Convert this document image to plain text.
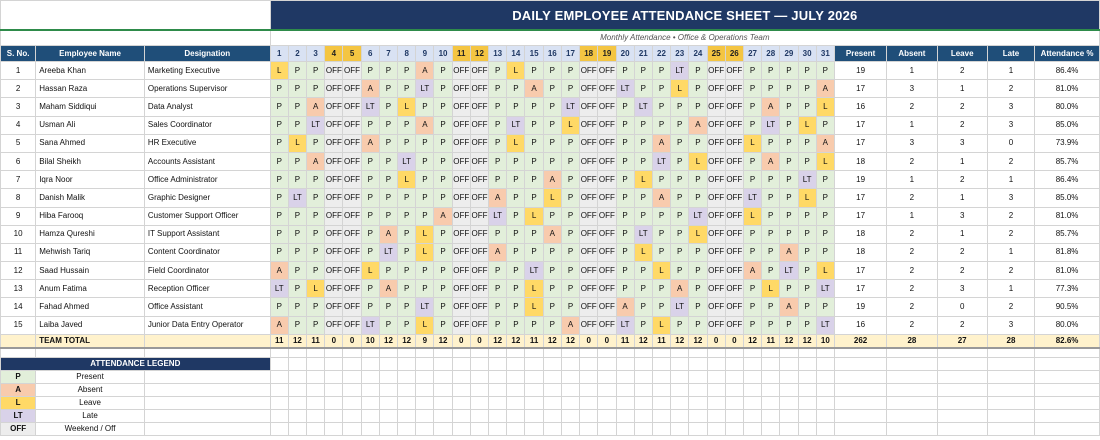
			DAILY EMPLOYEE ATTENDANCE SHEET — JULY 2026																																			
			Monthly Attendance • Office & Operations Team																																			
S. No.	Employee Name	Designation	1	2	3	4	5	6	7	8	9	10	11	12	13	14	15	16	17	18	19	20	21	22	23	24	25	26	27	28	29	30	31	Present	Absent	Leave	Late	Attendance %
1	Areeba Khan	Marketing Executive	L	P	P	OFF	OFF	P	P	P	A	P	OFF	OFF	P	L	P	P	P	OFF	OFF	P	P	P	LT	P	OFF	OFF	P	P	P	P	P	19	1	2	1	86.4%
2	Hassan Raza	Operations Supervisor	P	P	P	OFF	OFF	A	P	P	LT	P	OFF	OFF	P	P	A	P	P	OFF	OFF	LT	P	P	L	P	OFF	OFF	P	P	P	P	A	17	3	1	2	81.0%
3	Maham Siddiqui	Data Analyst	P	P	A	OFF	OFF	LT	P	L	P	P	OFF	OFF	P	P	P	P	LT	OFF	OFF	P	LT	P	P	P	OFF	OFF	P	A	P	P	L	16	2	2	3	80.0%
4	Usman Ali	Sales Coordinator	P	P	LT	OFF	OFF	P	P	P	A	P	OFF	OFF	P	LT	P	P	L	OFF	OFF	P	P	P	P	A	OFF	OFF	P	LT	P	L	P	17	1	2	3	85.0%
5	Sana Ahmed	HR Executive	P	L	P	OFF	OFF	A	P	P	P	P	OFF	OFF	P	L	P	P	P	OFF	OFF	P	P	A	P	P	OFF	OFF	L	P	P	P	A	17	3	3	0	73.9%
6	Bilal Sheikh	Accounts Assistant	P	P	A	OFF	OFF	P	P	LT	P	P	OFF	OFF	P	P	P	P	P	OFF	OFF	P	P	LT	P	L	OFF	OFF	P	A	P	P	L	18	2	1	2	85.7%
7	Iqra Noor	Office Administrator	P	P	P	OFF	OFF	P	P	L	P	P	OFF	OFF	P	P	P	A	P	OFF	OFF	P	L	P	P	P	OFF	OFF	P	P	P	LT	P	19	1	2	1	86.4%
8	Danish Malik	Graphic Designer	P	LT	P	OFF	OFF	P	P	P	P	P	OFF	OFF	A	P	P	L	P	OFF	OFF	P	P	A	P	P	OFF	OFF	LT	P	P	L	P	17	2	1	3	85.0%
9	Hiba Farooq	Customer Support Officer	P	P	P	OFF	OFF	P	P	P	P	A	OFF	OFF	LT	P	L	P	P	OFF	OFF	P	P	P	P	LT	OFF	OFF	L	P	P	P	P	17	1	3	2	81.0%
10	Hamza Qureshi	IT Support Assistant	P	P	P	OFF	OFF	P	A	P	L	P	OFF	OFF	P	P	P	A	P	OFF	OFF	P	LT	P	P	L	OFF	OFF	P	P	P	P	P	18	2	1	2	85.7%
11	Mehwish Tariq	Content Coordinator	P	P	P	OFF	OFF	P	LT	P	L	P	OFF	OFF	A	P	P	P	P	OFF	OFF	P	L	P	P	P	OFF	OFF	P	P	A	P	P	18	2	2	1	81.8%
12	Saad Hussain	Field Coordinator	A	P	P	OFF	OFF	L	P	P	P	P	OFF	OFF	P	P	LT	P	P	OFF	OFF	P	P	L	P	P	OFF	OFF	A	P	LT	P	L	17	2	2	2	81.0%
13	Anum Fatima	Reception Officer	LT	P	L	OFF	OFF	P	A	P	P	P	OFF	OFF	P	P	L	P	P	OFF	OFF	P	P	P	A	P	OFF	OFF	P	L	P	P	LT	17	2	3	1	77.3%
14	Fahad Ahmed	Office Assistant	P	P	P	OFF	OFF	P	P	P	LT	P	OFF	OFF	P	P	L	P	P	OFF	OFF	A	P	P	LT	P	OFF	OFF	P	P	A	P	P	19	2	0	2	90.5%
15	Laiba Javed	Junior Data Entry Operator	A	P	P	OFF	OFF	LT	P	P	L	P	OFF	OFF	P	P	P	P	A	OFF	OFF	LT	P	L	P	P	OFF	OFF	P	P	P	P	LT	16	2	2	3	80.0%
	TEAM TOTAL		11	12	11	0	0	10	12	12	9	12	0	0	12	12	11	12	12	0	0	11	12	11	12	12	0	0	12	11	12	12	10	262	28	27	28	82.6%

ATTENDANCE LEGEND																																						
P	Present																																					
A	Absent																																					
L	Leave																																					
LT	Late																																					
OFF	Weekend / Off																																					
